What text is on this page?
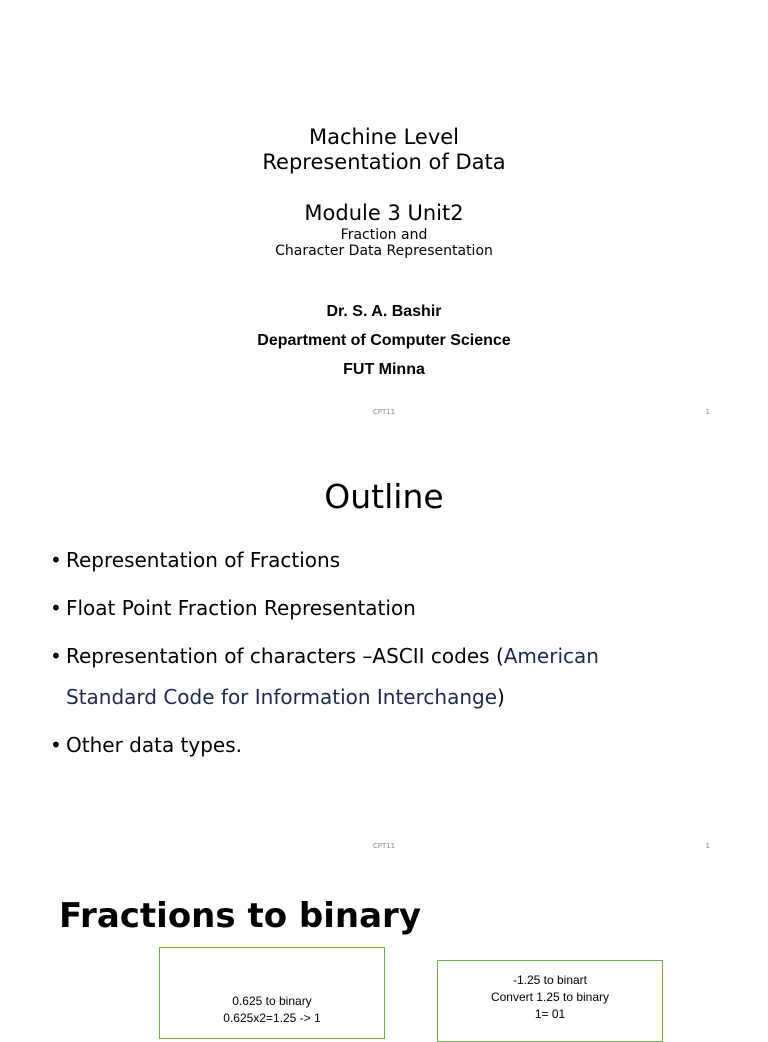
Machine Level
Representation of Data
Module 3 Unit2
Fraction and
Character Data Representation
Dr. S. A. Bashir
Department of Computer Science
FUT Minna
CPT11	1
Outline
• Representation of Fractions
• Float Point Fraction Representation
• Representation of characters –ASCII codes (American Standard Code for Information Interchange)
• Other data types.
CPT11	1
Fractions to binary
0.625 to binary
0.625x2=1.25 -> 1
-1.25 to binart
Convert 1.25 to binary
1= 01
